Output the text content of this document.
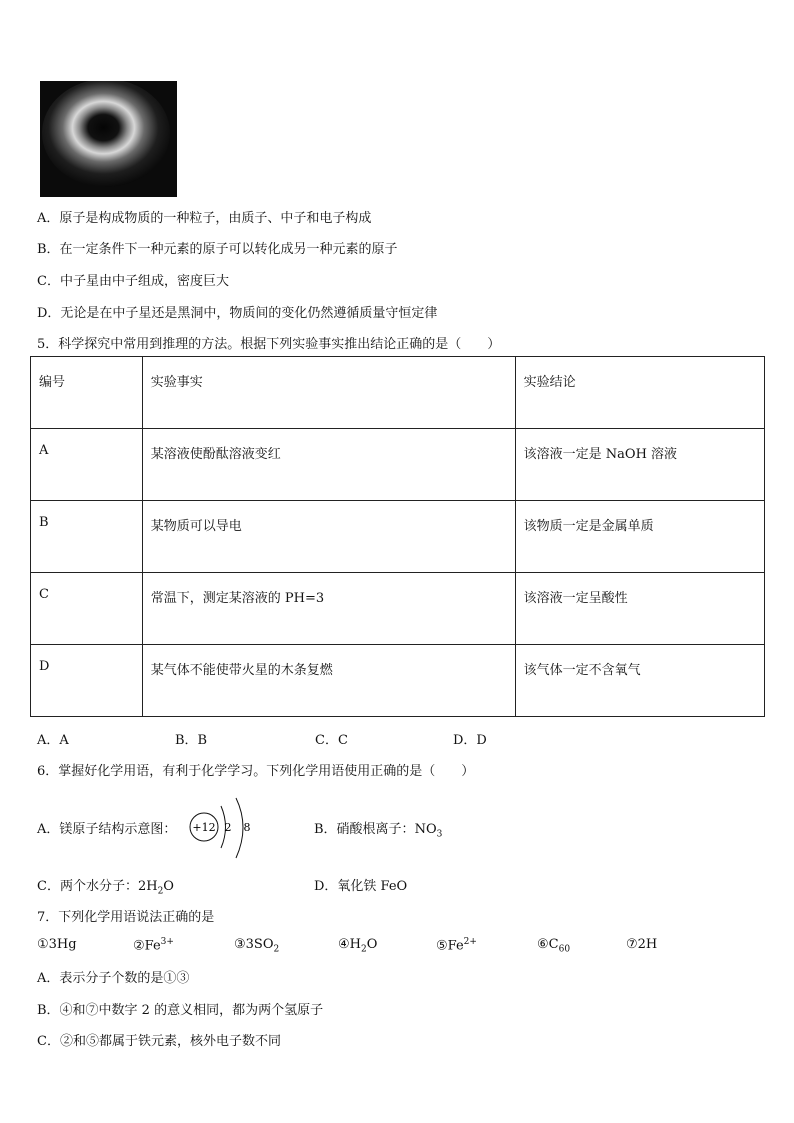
A．原子是构成物质的一种粒子，由质子、中子和电子构成
B．在一定条件下一种元素的原子可以转化成另一种元素的原子
C．中子星由中子组成，密度巨大
D．无论是在中子星还是黑洞中，物质间的变化仍然遵循质量守恒定律
5．科学探究中常用到推理的方法。根据下列实验事实推出结论正确的是（　　）
编号	实验事实	实验结论
A	某溶液使酚酞溶液变红	该溶液一定是 NaOH 溶液
B	某物质可以导电	该物质一定是金属单质
C	常温下，测定某溶液的 PH=3	该溶液一定呈酸性
D	某气体不能使带火星的木条复燃	该气体一定不含氧气
A．A	B．B	C．C	D．D
6．掌握好化学用语，有利于化学学习。下列化学用语使用正确的是（　　）
A．镁原子结构示意图： +12 2 8	B．硝酸根离子：$NO_3$
C．两个水分子：$2H_2O$	D．氧化铁 FeO
7．下列化学用语说法正确的是
①3Hg	$②Fe^{3+}$	$③3SO_2$	$④H_2O$	$⑤Fe^{2+}$	$⑥C_{60}$	⑦2H
A．表示分子个数的是①③
B．④和⑦中数字 2 的意义相同，都为两个氢原子
C．②和⑤都属于铁元素，核外电子数不同
